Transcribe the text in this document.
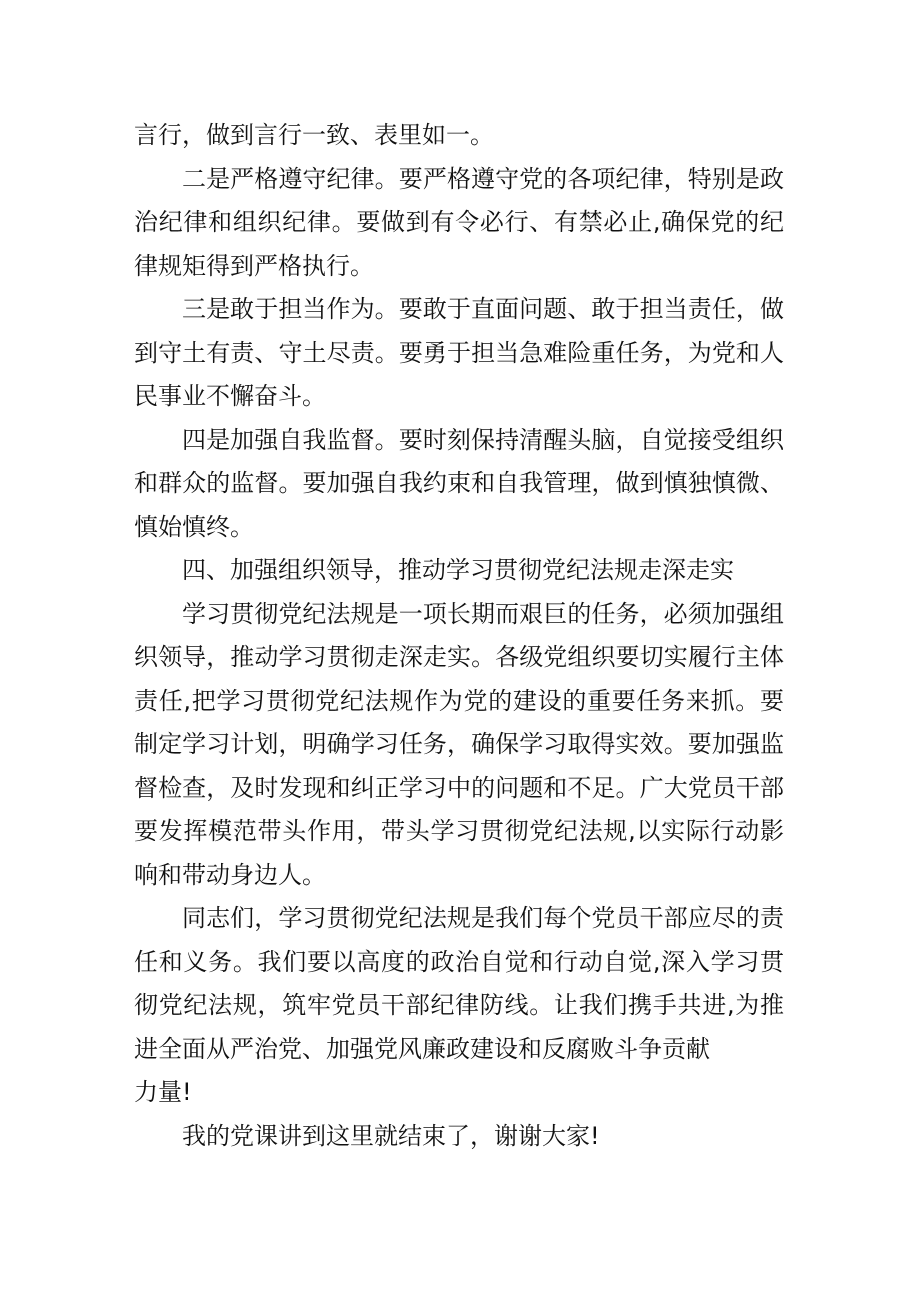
言行，做到言行一致、表里如一。

二是严格遵守纪律。要严格遵守党的各项纪律，特别是政治纪律和组织纪律。要做到有令必行、有禁必止,确保党的纪律规矩得到严格执行。

三是敢于担当作为。要敢于直面问题、敢于担当责任，做到守土有责、守土尽责。要勇于担当急难险重任务，为党和人民事业不懈奋斗。

四是加强自我监督。要时刻保持清醒头脑，自觉接受组织和群众的监督。要加强自我约束和自我管理，做到慎独慎微、慎始慎终。

四、加强组织领导，推动学习贯彻党纪法规走深走实

学习贯彻党纪法规是一项长期而艰巨的任务，必须加强组织领导，推动学习贯彻走深走实。各级党组织要切实履行主体责任,把学习贯彻党纪法规作为党的建设的重要任务来抓。要制定学习计划，明确学习任务，确保学习取得实效。要加强监督检查，及时发现和纠正学习中的问题和不足。广大党员干部要发挥模范带头作用，带头学习贯彻党纪法规,以实际行动影响和带动身边人。

同志们，学习贯彻党纪法规是我们每个党员干部应尽的责任和义务。我们要以高度的政治自觉和行动自觉,深入学习贯彻党纪法规，筑牢党员干部纪律防线。让我们携手共进,为推进全面从严治党、加强党风廉政建设和反腐败斗争贡献

力量!

我的党课讲到这里就结束了，谢谢大家!
